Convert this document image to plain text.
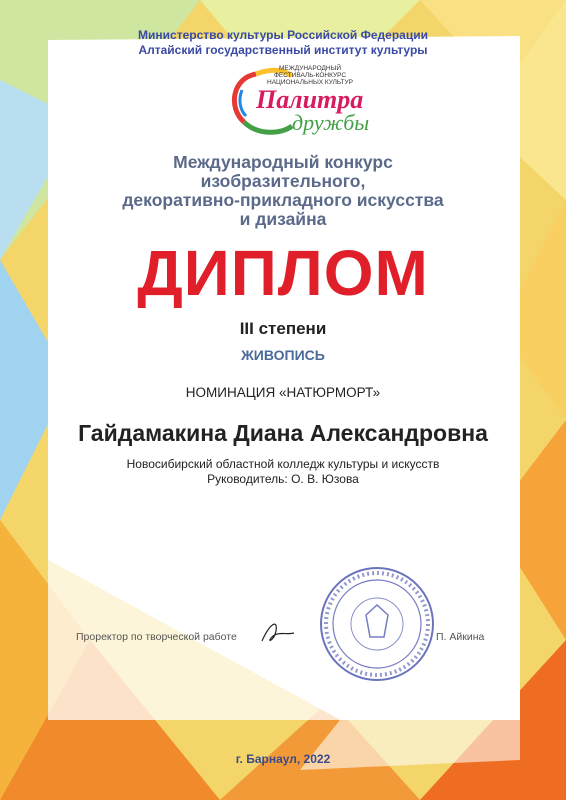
Министерство культуры Российской Федерации
Алтайский государственный институт культуры
МЕЖДУНАРОДНЫЙ
ФЕСТИВАЛЬ-КОНКУРС
НАЦИОНАЛЬНЫХ КУЛЬТУР
Палитра
дружбы
Международный конкурс
изобразительного,
декоративно-прикладного искусства
и дизайна
ДИПЛОМ
III степени
ЖИВОПИСЬ
НОМИНАЦИЯ «НАТЮРМОРТ»
Гайдамакина Диана Александровна
Новосибирский областной колледж культуры и искусств
Руководитель: О. В. Юзова
Проректор по творческой работе	П. Айкина
г. Барнаул, 2022
